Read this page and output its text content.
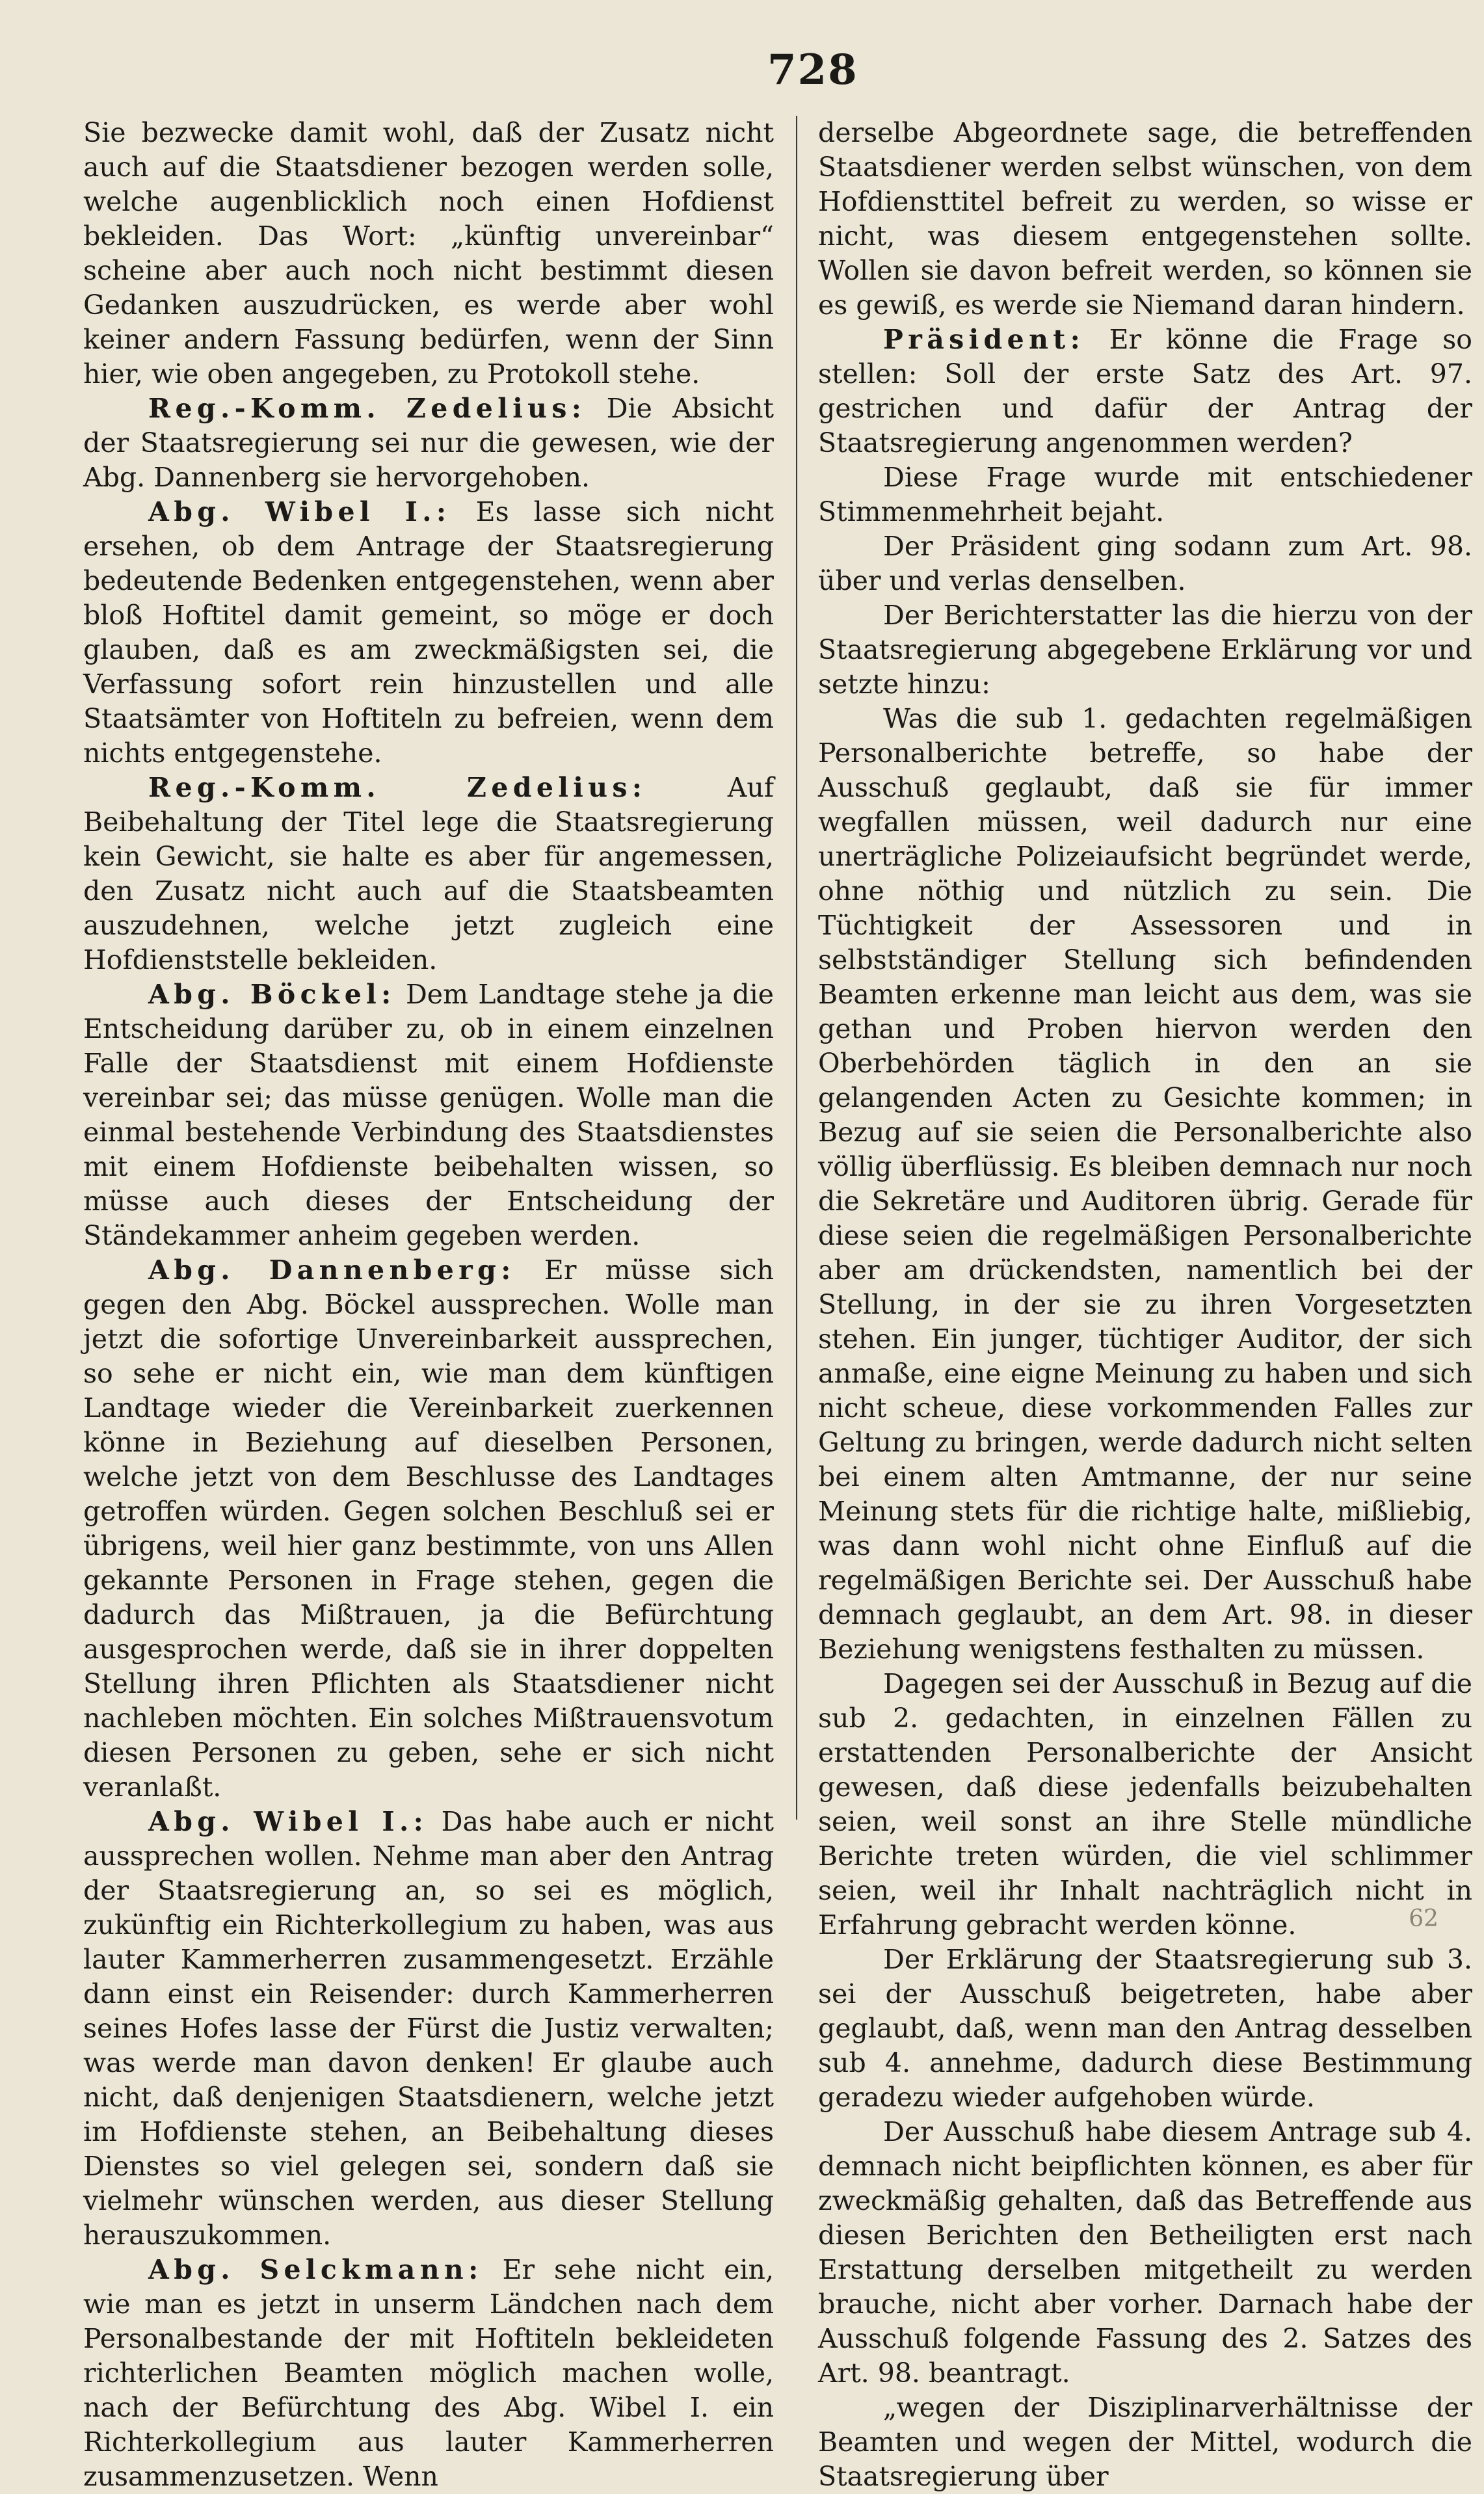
728

Sie bezwecke damit wohl, daß der Zusatz nicht auch auf die Staatsdiener bezogen werden solle, welche augenblicklich noch einen Hofdienst bekleiden. Das Wort: „künftig unvereinbar“ scheine aber auch noch nicht bestimmt diesen Gedanken auszudrücken, es werde aber wohl keiner andern Fassung bedürfen, wenn der Sinn hier, wie oben angegeben, zu Protokoll stehe.

Reg.-Komm. Zedelius: Die Absicht der Staatsregierung sei nur die gewesen, wie der Abg. Dannenberg sie hervorgehoben.

Abg. Wibel I.: Es lasse sich nicht ersehen, ob dem Antrage der Staatsregierung bedeutende Bedenken entgegenstehen, wenn aber bloß Hoftitel damit gemeint, so möge er doch glauben, daß es am zweckmäßigsten sei, die Verfassung sofort rein hinzustellen und alle Staatsämter von Hoftiteln zu befreien, wenn dem nichts entgegenstehe.

Reg.-Komm. Zedelius: Auf Beibehaltung der Titel lege die Staatsregierung kein Gewicht, sie halte es aber für angemessen, den Zusatz nicht auch auf die Staatsbeamten auszudehnen, welche jetzt zugleich eine Hofdienststelle bekleiden.

Abg. Böckel: Dem Landtage stehe ja die Entscheidung darüber zu, ob in einem einzelnen Falle der Staatsdienst mit einem Hofdienste vereinbar sei; das müsse genügen. Wolle man die einmal bestehende Verbindung des Staatsdienstes mit einem Hofdienste beibehalten wissen, so müsse auch dieses der Entscheidung der Ständekammer anheim gegeben werden.

Abg. Dannenberg: Er müsse sich gegen den Abg. Böckel aussprechen. Wolle man jetzt die sofortige Unvereinbarkeit aussprechen, so sehe er nicht ein, wie man dem künftigen Landtage wieder die Vereinbarkeit zuerkennen könne in Beziehung auf dieselben Personen, welche jetzt von dem Beschlusse des Landtages getroffen würden. Gegen solchen Beschluß sei er übrigens, weil hier ganz bestimmte, von uns Allen gekannte Personen in Frage stehen, gegen die dadurch das Mißtrauen, ja die Befürchtung ausgesprochen werde, daß sie in ihrer doppelten Stellung ihren Pflichten als Staatsdiener nicht nachleben möchten. Ein solches Mißtrauensvotum diesen Personen zu geben, sehe er sich nicht veranlaßt.

Abg. Wibel I.: Das habe auch er nicht aussprechen wollen. Nehme man aber den Antrag der Staatsregierung an, so sei es möglich, zukünftig ein Richterkollegium zu haben, was aus lauter Kammerherren zusammengesetzt. Erzähle dann einst ein Reisender: durch Kammerherren seines Hofes lasse der Fürst die Justiz verwalten; was werde man davon denken! Er glaube auch nicht, daß denjenigen Staatsdienern, welche jetzt im Hofdienste stehen, an Beibehaltung dieses Dienstes so viel gelegen sei, sondern daß sie vielmehr wünschen werden, aus dieser Stellung herauszukommen.

Abg. Selckmann: Er sehe nicht ein, wie man es jetzt in unserm Ländchen nach dem Personalbestande der mit Hoftiteln bekleideten richterlichen Beamten möglich machen wolle, nach der Befürchtung des Abg. Wibel I. ein Richterkollegium aus lauter Kammerherren zusammenzusetzen. Wenn

derselbe Abgeordnete sage, die betreffenden Staatsdiener werden selbst wünschen, von dem Hofdiensttitel befreit zu werden, so wisse er nicht, was diesem entgegenstehen sollte. Wollen sie davon befreit werden, so können sie es gewiß, es werde sie Niemand daran hindern.

Präsident: Er könne die Frage so stellen: Soll der erste Satz des Art. 97. gestrichen und dafür der Antrag der Staatsregierung angenommen werden?

Diese Frage wurde mit entschiedener Stimmenmehrheit bejaht.

Der Präsident ging sodann zum Art. 98. über und verlas denselben.

Der Berichterstatter las die hierzu von der Staatsregierung abgegebene Erklärung vor und setzte hinzu:

Was die sub 1. gedachten regelmäßigen Personalberichte betreffe, so habe der Ausschuß geglaubt, daß sie für immer wegfallen müssen, weil dadurch nur eine unerträgliche Polizeiaufsicht begründet werde, ohne nöthig und nützlich zu sein. Die Tüchtigkeit der Assessoren und in selbstständiger Stellung sich befindenden Beamten erkenne man leicht aus dem, was sie gethan und Proben hiervon werden den Oberbehörden täglich in den an sie gelangenden Acten zu Gesichte kommen; in Bezug auf sie seien die Personalberichte also völlig überflüssig. Es bleiben demnach nur noch die Sekretäre und Auditoren übrig. Gerade für diese seien die regelmäßigen Personalberichte aber am drückendsten, namentlich bei der Stellung, in der sie zu ihren Vorgesetzten stehen. Ein junger, tüchtiger Auditor, der sich anmaße, eine eigne Meinung zu haben und sich nicht scheue, diese vorkommenden Falles zur Geltung zu bringen, werde dadurch nicht selten bei einem alten Amtmanne, der nur seine Meinung stets für die richtige halte, mißliebig, was dann wohl nicht ohne Einfluß auf die regelmäßigen Berichte sei. Der Ausschuß habe demnach geglaubt, an dem Art. 98. in dieser Beziehung wenigstens festhalten zu müssen.

Dagegen sei der Ausschuß in Bezug auf die sub 2. gedachten, in einzelnen Fällen zu erstattenden Personalberichte der Ansicht gewesen, daß diese jedenfalls beizubehalten seien, weil sonst an ihre Stelle mündliche Berichte treten würden, die viel schlimmer seien, weil ihr Inhalt nachträglich nicht in Erfahrung gebracht werden könne.

Der Erklärung der Staatsregierung sub 3. sei der Ausschuß beigetreten, habe aber geglaubt, daß, wenn man den Antrag desselben sub 4. annehme, dadurch diese Bestimmung geradezu wieder aufgehoben würde.

Der Ausschuß habe diesem Antrage sub 4. demnach nicht beipflichten können, es aber für zweckmäßig gehalten, daß das Betreffende aus diesen Berichten den Betheiligten erst nach Erstattung derselben mitgetheilt zu werden brauche, nicht aber vorher. Darnach habe der Ausschuß folgende Fassung des 2. Satzes des Art. 98. beantragt.

„wegen der Disziplinarverhältnisse der Beamten und wegen der Mittel, wodurch die Staatsregierung über

62
